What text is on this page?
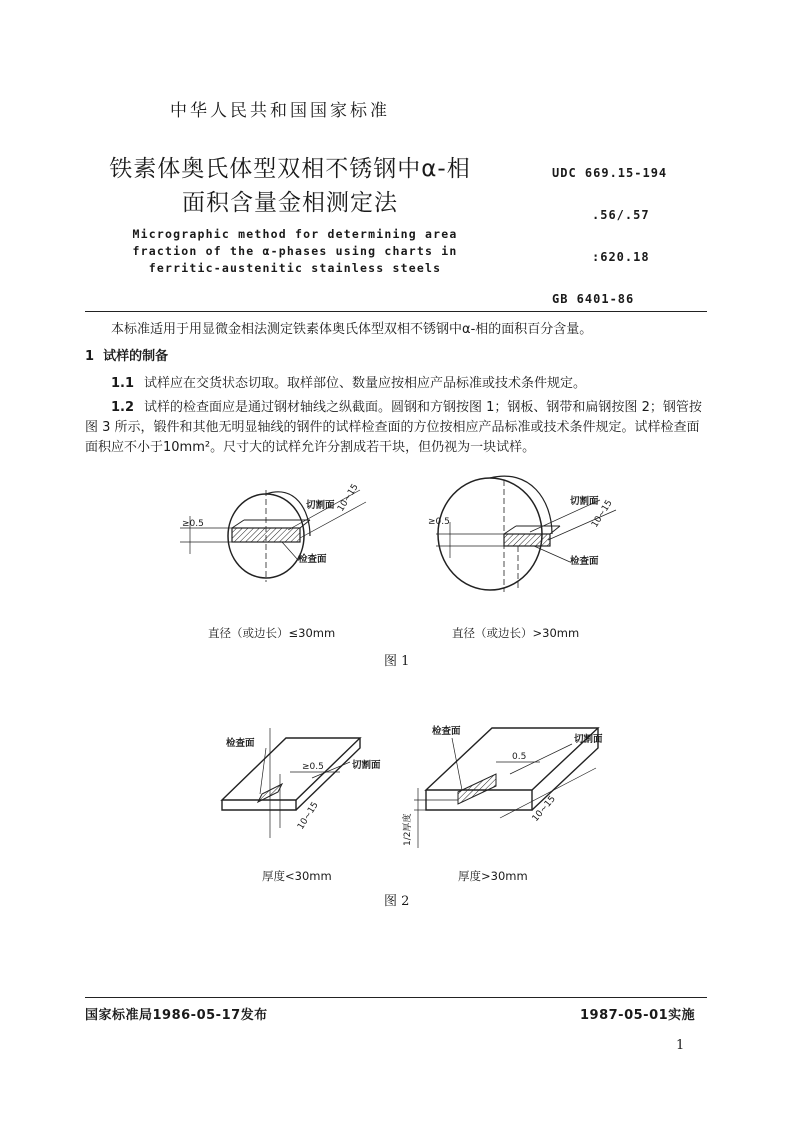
中华人民共和国国家标准
铁素体奥氏体型双相不锈钢中α-相
面积含量金相测定法
Micrographic method for determining area
fraction of the α-phases using charts in
ferritic-austenitic stainless steels

UDC 669.15-194

.56/.57

:620.18

GB 6401-86

本标准适用于用显微金相法测定铁素体奥氏体型双相不锈钢中α-相的面积百分含量。

1 试样的制备

1.1 试样应在交货状态切取。取样部位、数量应按相应产品标准或技术条件规定。

1.2 试样的检查面应是通过钢材轴线之纵截面。圆钢和方钢按图 1；钢板、钢带和扁钢按图 2；钢管按图 3 所示，锻件和其他无明显轴线的钢件的试样检查面的方位按相应产品标准或技术条件规定。试样检查面面积应不小于10mm²。尺寸大的试样允许分割成若干块，但仍视为一块试样。

≥0.5
切割面 10~15
检查面
≥0.5
切割面
10~15
检查面
直径（或边长）≤30mm	直径（或边长）>30mm
图 1
检查面
≥0.5	切割面
10~15	1/2厚度
检查面
0.5
切割面
10~15
厚度<30mm	厚度>30mm
图 2
国家标准局1986-05-17发布	1987-05-01实施
1
